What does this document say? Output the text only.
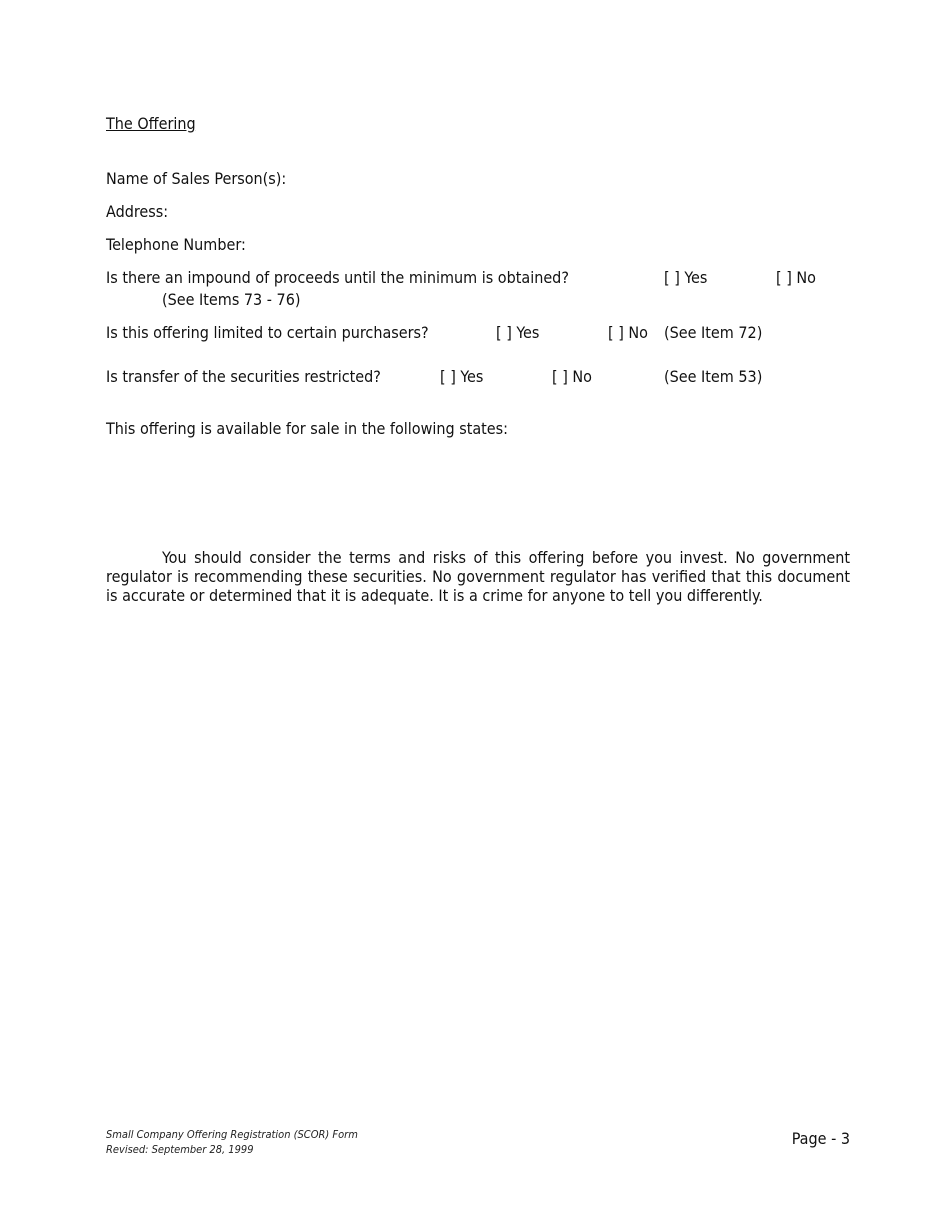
The Offering
Name of Sales Person(s):
Address:
Telephone Number:
Is there an impound of proceeds until the minimum is obtained?	[ ] Yes	[ ] No
(See Items 73 - 76)
Is this offering limited to certain purchasers?	[ ] Yes	[ ] No (See Item 72)
Is transfer of the securities restricted?	[ ] Yes	[ ] No	(See Item 53)
This offering is available for sale in the following states:
You should consider the terms and risks of this offering before you invest. No government regulator is recommending these securities. No government regulator has verified that this document is accurate or determined that it is adequate. It is a crime for anyone to tell you differently.
Small Company Offering Registration (SCOR) Form
Revised: September 28, 1999
Page - 3
